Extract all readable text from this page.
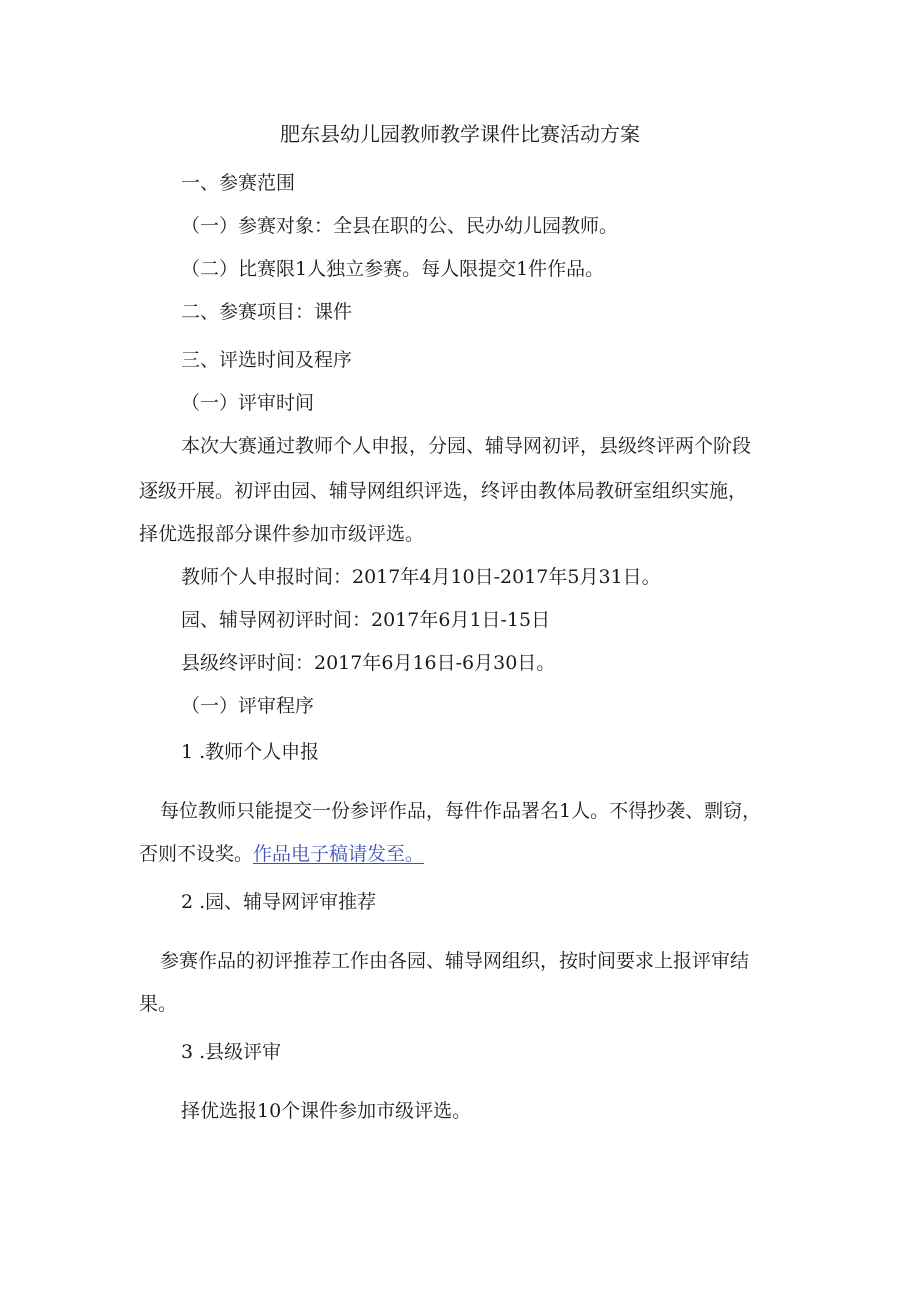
肥东县幼儿园教师教学课件比赛活动方案
一、参赛范围
（一）参赛对象：全县在职的公、民办幼儿园教师。
（二）比赛限1人独立参赛。每人限提交1件作品。
二、参赛项目：课件
三、评选时间及程序
（一）评审时间
本次大赛通过教师个人申报，分园、辅导网初评，县级终评两个阶段
逐级开展。初评由园、辅导网组织评选，终评由教体局教研室组织实施，
择优选报部分课件参加市级评选。
教师个人申报时间：2017年4月10日-2017年5月31日。
园、辅导网初评时间：2017年6月1日-15日
县级终评时间：2017年6月16日-6月30日。
（一）评审程序
1 .教师个人申报
每位教师只能提交一份参评作品，每件作品署名1人。不得抄袭、剽窃，
否则不设奖。作品电子稿请发至。
2 .园、辅导网评审推荐
参赛作品的初评推荐工作由各园、辅导网组织，按时间要求上报评审结
果。
3 .县级评审
择优选报10个课件参加市级评选。
